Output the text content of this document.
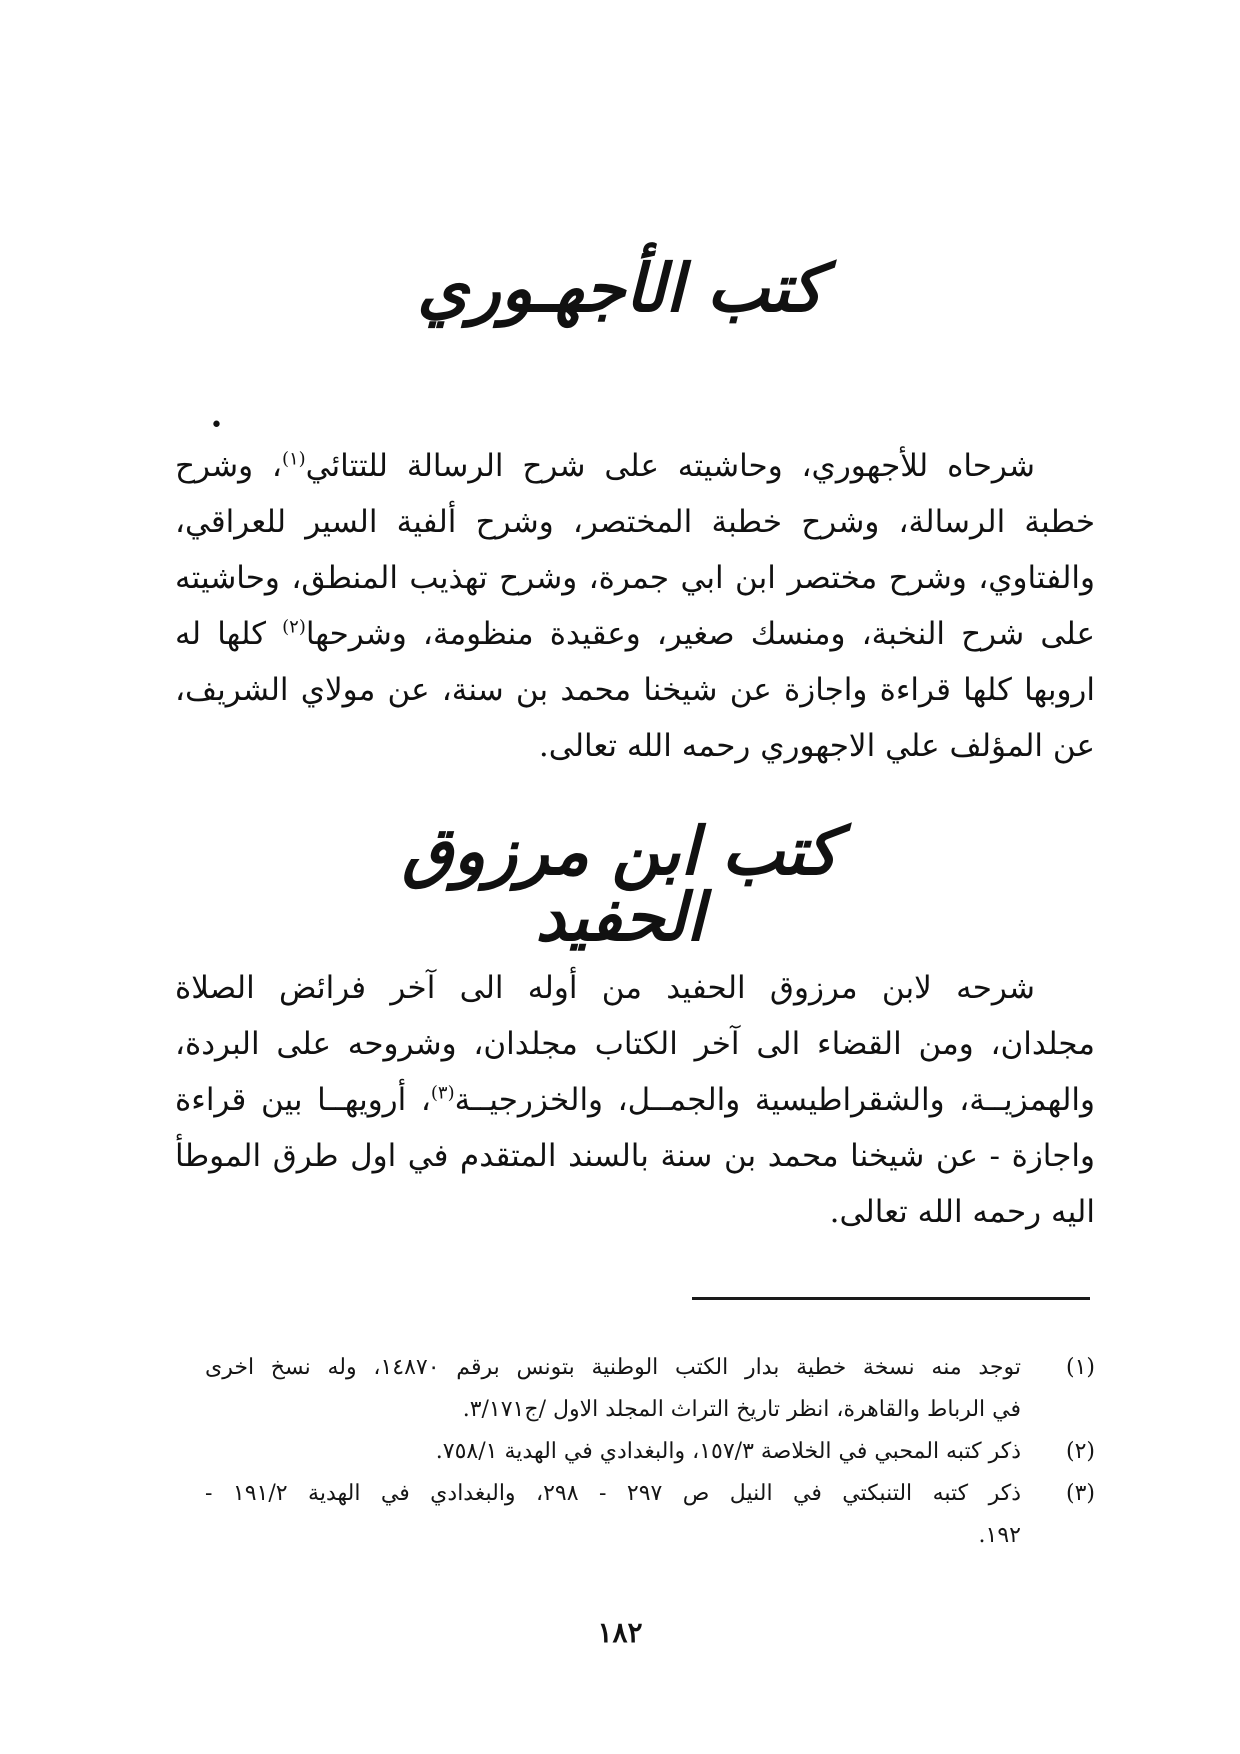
كتب الأجهـوري
•
شرحاه للأجهوري، وحاشيته على شرح الرسالة للتتائي$^{(١)}$، وشرح
خطبة الرسالة، وشرح خطبة المختصر، وشرح ألفية السير للعراقي،
والفتاوي، وشرح مختصر ابن ابي جمرة، وشرح تهذيب المنطق، وحاشيته
على شرح النخبة، ومنسك صغير، وعقيدة منظومة، وشرحها$^{(٢)}$ كلها له
اروبها كلها قراءة واجازة عن شيخنا محمد بن سنة، عن مولاي الشريف،
عن المؤلف علي الاجهوري رحمه الله تعالى.
كتب ابن مرزوق الحفيد
شرحه لابن مرزوق الحفيد من أوله الى آخر فرائض الصلاة
مجلدان، ومن القضاء الى آخر الكتاب مجلدان، وشروحه على البردة،
والهمزيــة، والشقراطيسية والجمــل، والخزرجيــة$^{(٣)}$، أرويهــا بين قراءة
واجازة - عن شيخنا محمد بن سنة بالسند المتقدم في اول طرق الموطأ
اليه رحمه الله تعالى.
(١)
توجد منه نسخة خطية بدار الكتب الوطنية بتونس برقم ١٤٨٧٠، وله نسخ اخرى
في الرباط والقاهرة، انظر تاريخ التراث المجلد الاول /ج٣/١٧١.
(٢)
ذكر كتبه المحبي في الخلاصة ١٥٧/٣، والبغدادي في الهدية ٧٥٨/١.
(٣)
ذكر كتبه التنبكتي في النيل ص ٢٩٧ - ٢٩٨، والبغدادي في الهدية ١٩١/٢ -
١٩٢.
١٨٢
